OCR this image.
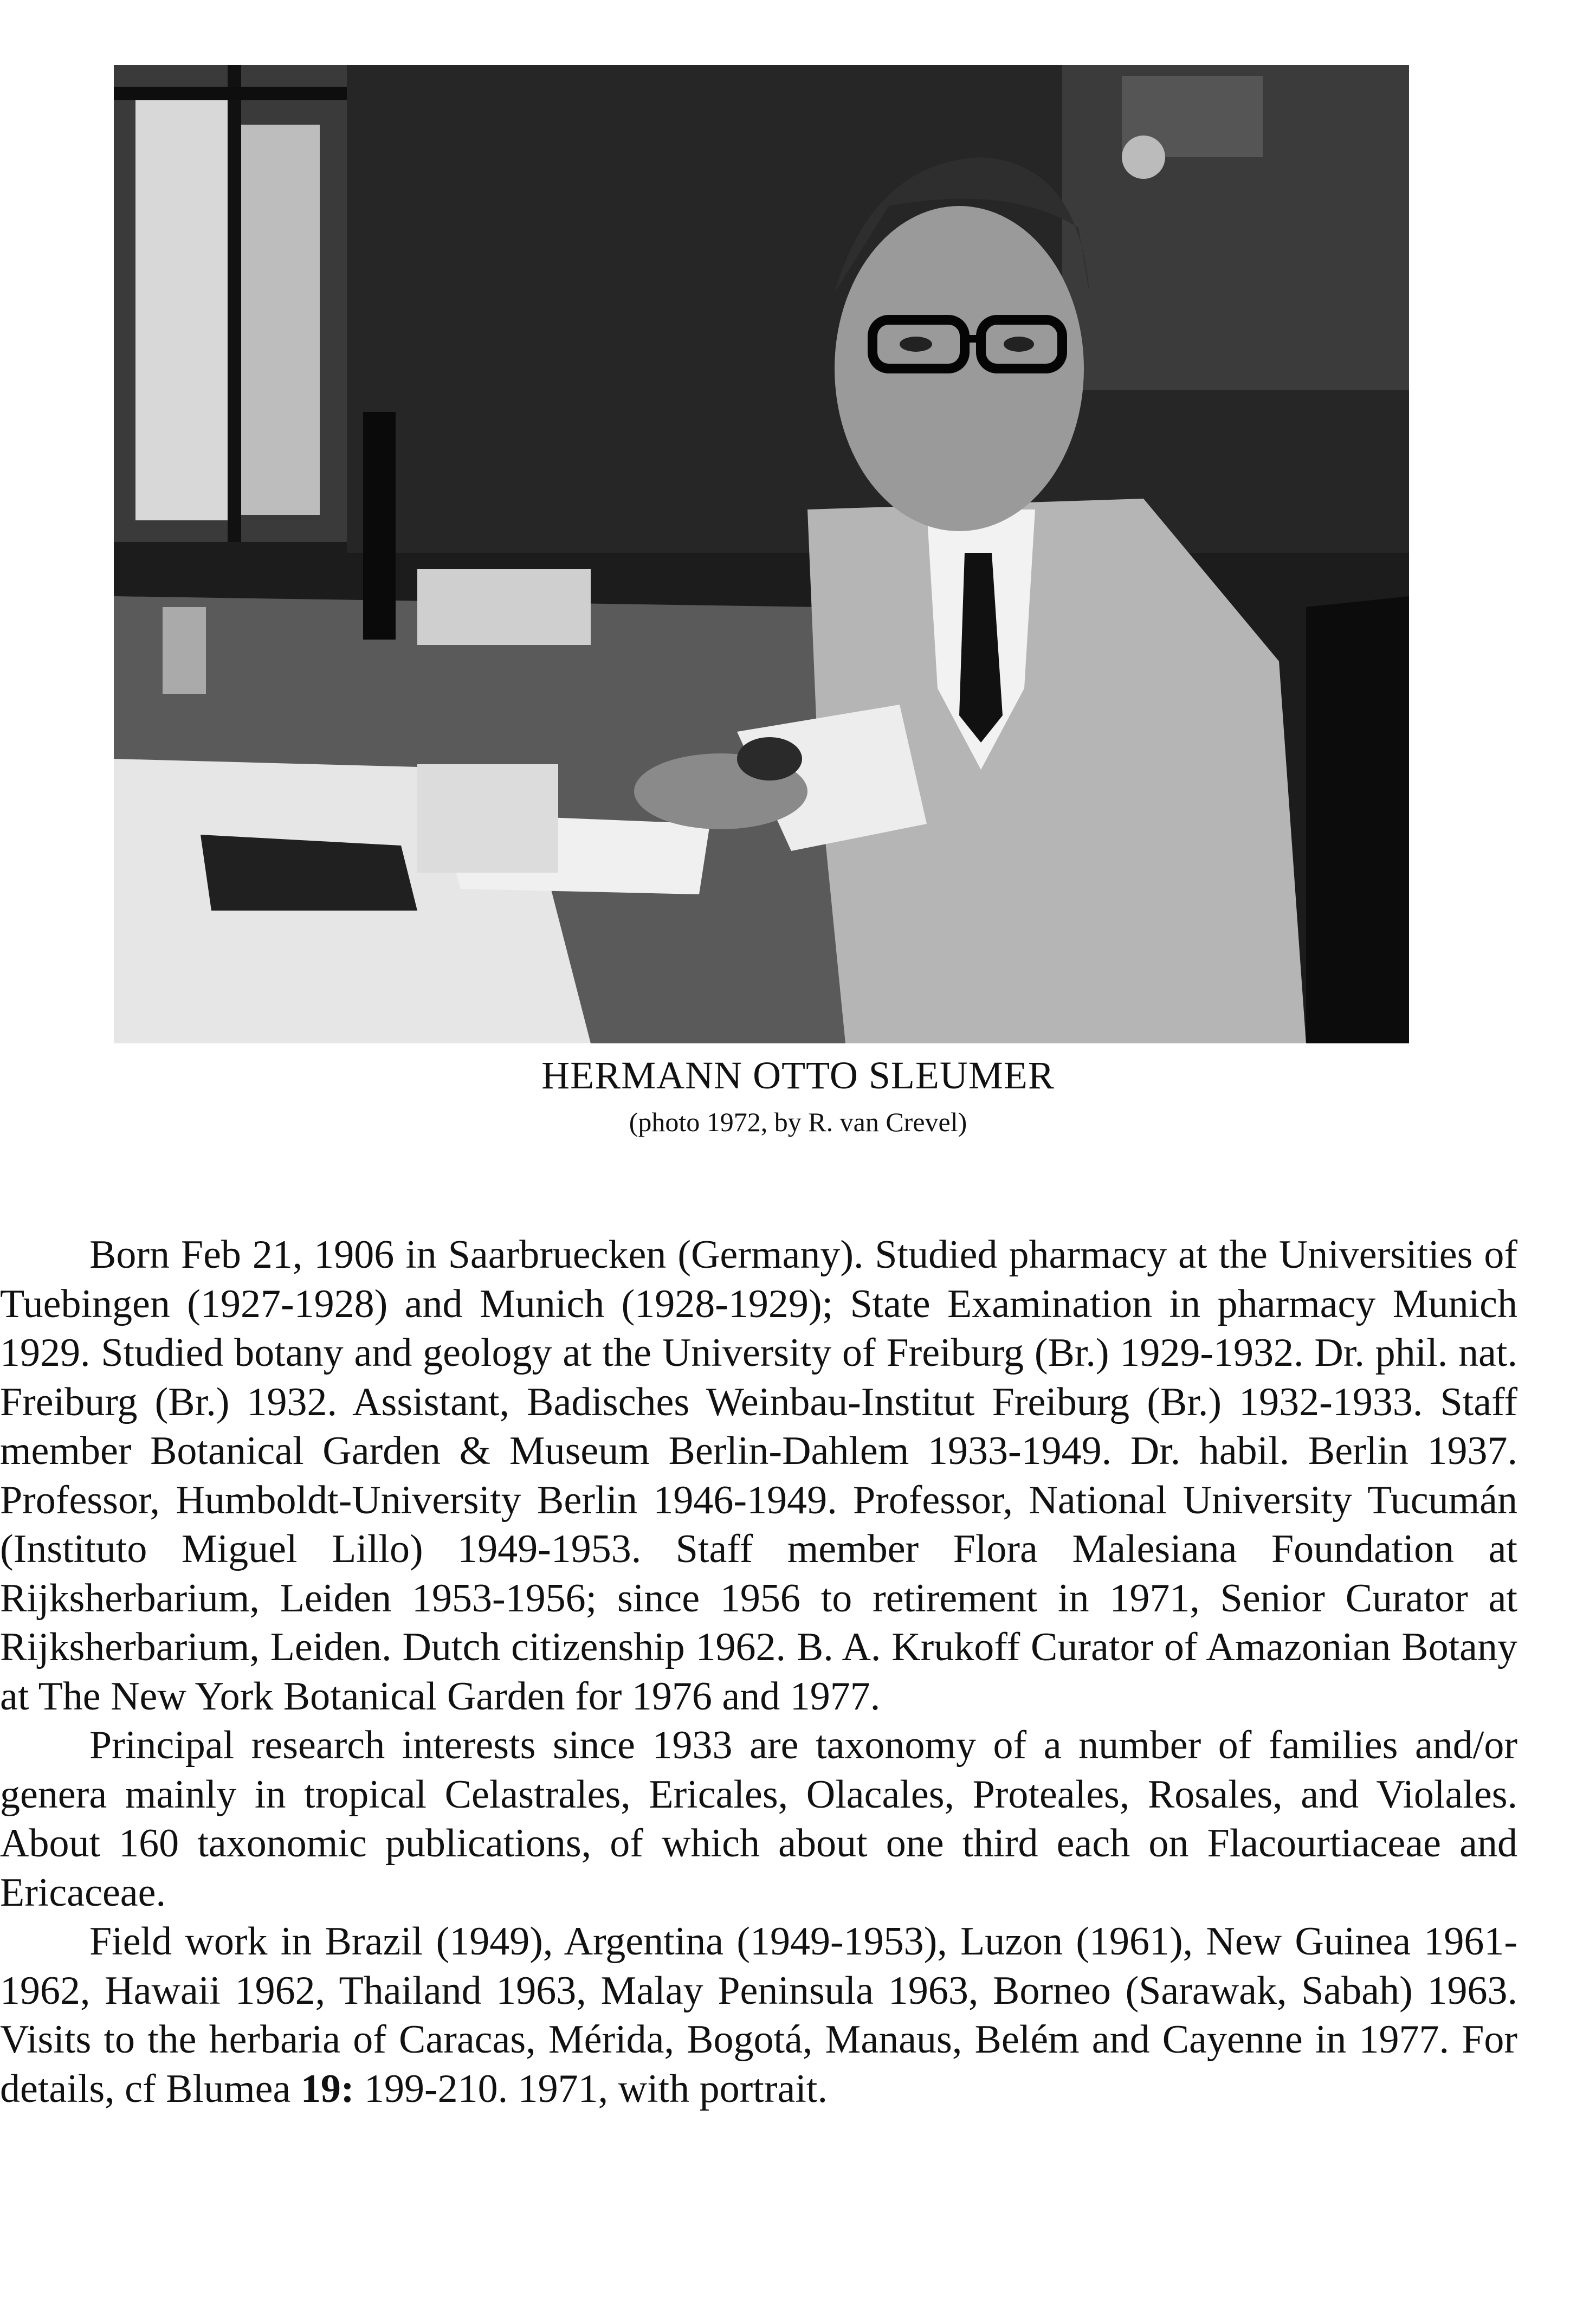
HERMANN OTTO SLEUMER
(photo 1972, by R. van Crevel)

Born Feb 21, 1906 in Saarbruecken (Germany). Studied pharmacy at the Universities of Tuebingen (1927-1928) and Munich (1928-1929); State Examination in pharmacy Munich 1929. Studied botany and geology at the University of Freiburg (Br.) 1929-1932. Dr. phil. nat. Freiburg (Br.) 1932. Assistant, Badisches Weinbau-Institut Freiburg (Br.) 1932-1933. Staff member Botanical Garden & Museum Berlin-Dahlem 1933-1949. Dr. habil. Berlin 1937. Professor, Humboldt-University Berlin 1946-1949. Professor, National University Tucumán (Instituto Miguel Lillo) 1949-1953. Staff member Flora Malesiana Foundation at Rijksherbarium, Leiden 1953-1956; since 1956 to retirement in 1971, Senior Curator at Rijksherbarium, Leiden. Dutch citizenship 1962. B. A. Krukoff Curator of Amazonian Botany at The New York Botanical Garden for 1976 and 1977.

Principal research interests since 1933 are taxonomy of a number of families and/or genera mainly in tropical Celastrales, Ericales, Olacales, Proteales, Rosales, and Violales. About 160 taxonomic publications, of which about one third each on Flacourtiaceae and Ericaceae.

Field work in Brazil (1949), Argentina (1949-1953), Luzon (1961), New Guinea 1961-1962, Hawaii 1962, Thailand 1963, Malay Peninsula 1963, Borneo (Sarawak, Sabah) 1963. Visits to the herbaria of Caracas, Mérida, Bogotá, Manaus, Belém and Cayenne in 1977. For details, cf Blumea 19: 199-210. 1971, with portrait.
